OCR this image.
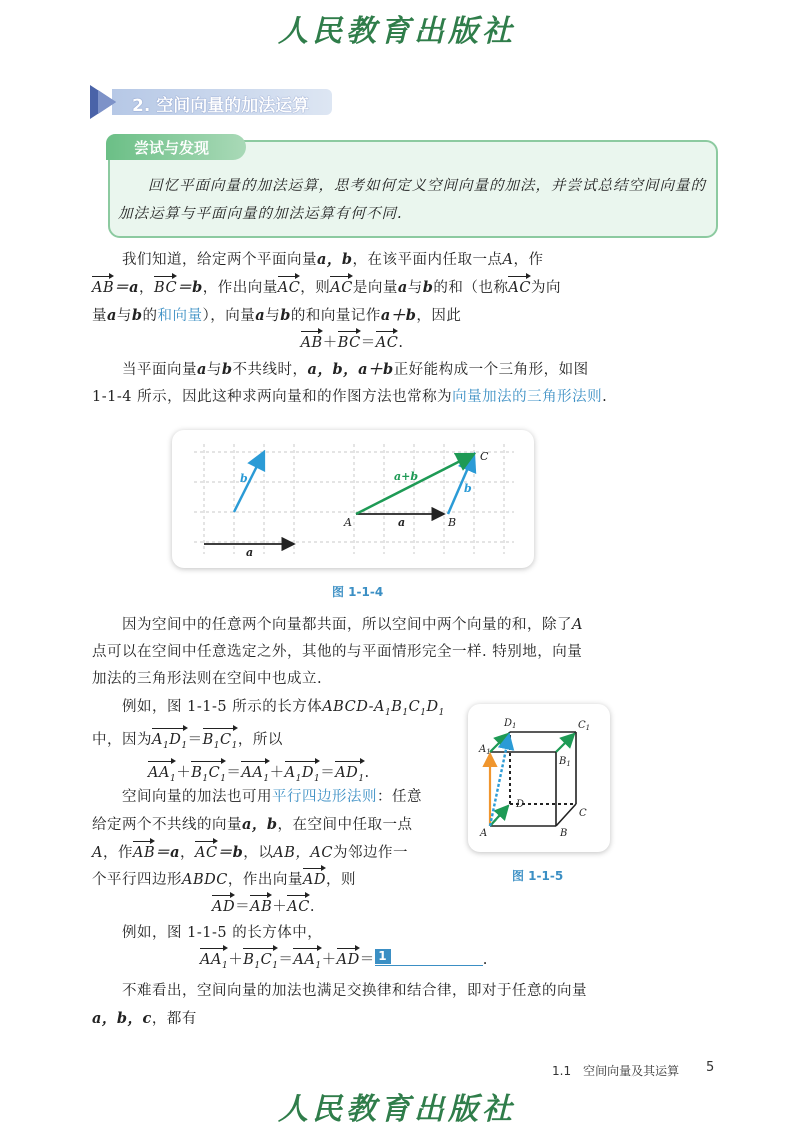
人民教育出版社
2. 空间向量的加法运算
尝试与发现
回忆平面向量的加法运算，思考如何定义空间向量的加法，并尝试总结空间向量的加法运算与平面向量的加法运算有何不同.
我们知道，给定两个平面向量a，b，在该平面内任取一点A，作
AB＝a，BC＝b，作出向量AC，则AC是向量a与b的和（也称AC为向
量a与b的和向量），向量a与b的和向量记作a＋b，因此
AB＋BC＝AC.
当平面向量a与b不共线时，a，b，a＋b正好能构成一个三角形，如图
1-1-4 所示，因此这种求两向量和的作图方法也常称为向量加法的三角形法则.
b
a
a+b
a
b
A	B
C
图 1-1-4
因为空间中的任意两个向量都共面，所以空间中两个向量的和，除了A
点可以在空间中任意选定之外，其他的与平面情形完全一样. 特别地，向量
加法的三角形法则在空间中也成立.
例如，图 1-1-5 所示的长方体ABCD-$A_1B_1C_1D_1$
中，因为$A_1D_1=B_1C_1$，所以
$AA_1+B_1C_1=AA_1+A_1D_1=AD_1$.
空间向量的加法也可用平行四边形法则：任意
给定两个不共线的向量a，b，在空间中任取一点
A，作AB＝a，AC＝b，以AB，AC为邻边作一
个平行四边形ABDC，作出向量AD，则
AD＝AB＋AC.
A	B
C
D
$A_1$
$B_1$
$C_1$
$D_1$
图 1-1-5
例如，图 1-1-5 的长方体中，
$AA_1+B_1C_1=AA_1+AD= 1$	.
不难看出，空间向量的加法也满足交换律和结合律，即对于任意的向量
a，b，c，都有
1.1　空间向量及其运算 5
人民教育出版社
